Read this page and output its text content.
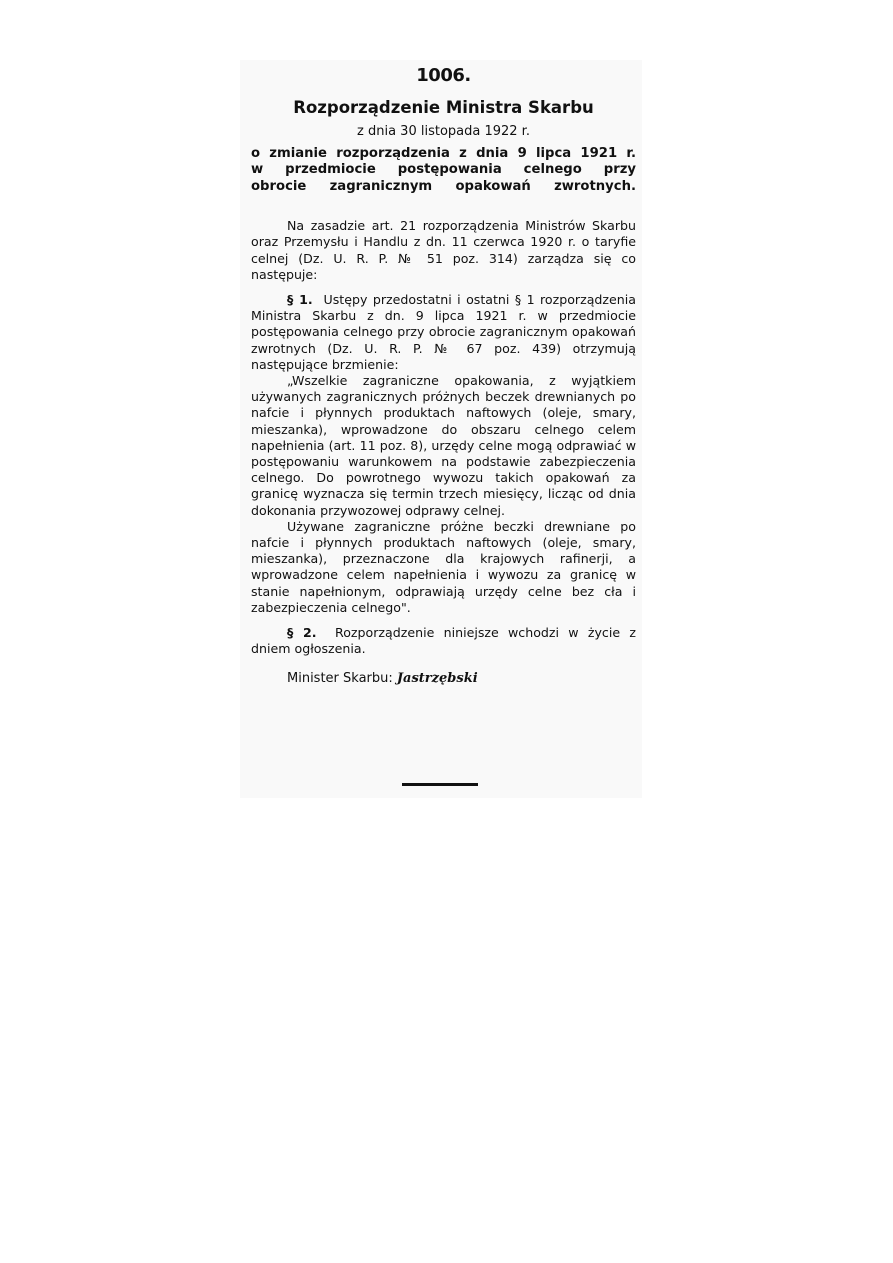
1006.
Rozporządzenie Ministra Skarbu
z dnia 30 listopada 1922 r.
o zmianie rozporządzenia z dnia 9 lipca 1921 r.
w przedmiocie postępowania celnego przy
obrocie zagranicznym opakowań zwrotnych.

Na zasadzie art. 21 rozporządzenia Ministrów Skarbu oraz Przemysłu i Handlu z dn. 11 czerwca 1920 r. o taryfie celnej (Dz. U. R. P. № 51 poz. 314) zarządza się co następuje:

§ 1. Ustępy przedostatni i ostatni § 1 rozporządzenia Ministra Skarbu z dn. 9 lipca 1921 r. w przedmiocie postępowania celnego przy obrocie zagranicznym opakowań zwrotnych (Dz. U. R. P. № 67 poz. 439) otrzymują następujące brzmienie:

„Wszelkie zagraniczne opakowania, z wyjątkiem używanych zagranicznych próżnych beczek drewnianych po nafcie i płynnych produktach naftowych (oleje, smary, mieszanka), wprowadzone do obszaru celnego celem napełnienia (art. 11 poz. 8), urzędy celne mogą odprawiać w postępowaniu warunkowem na podstawie zabezpieczenia celnego. Do powrotnego wywozu takich opakowań za granicę wyznacza się termin trzech miesięcy, licząc od dnia dokonania przywozowej odprawy celnej.

Używane zagraniczne próżne beczki drewniane po nafcie i płynnych produktach naftowych (oleje, smary, mieszanka), przeznaczone dla krajowych rafinerji, a wprowadzone celem napełnienia i wywozu za granicę w stanie napełnionym, odprawiają urzędy celne bez cła i zabezpieczenia celnego".

§ 2. Rozporządzenie niniejsze wchodzi w życie z dniem ogłoszenia.

Minister Skarbu: Jastrzębski
